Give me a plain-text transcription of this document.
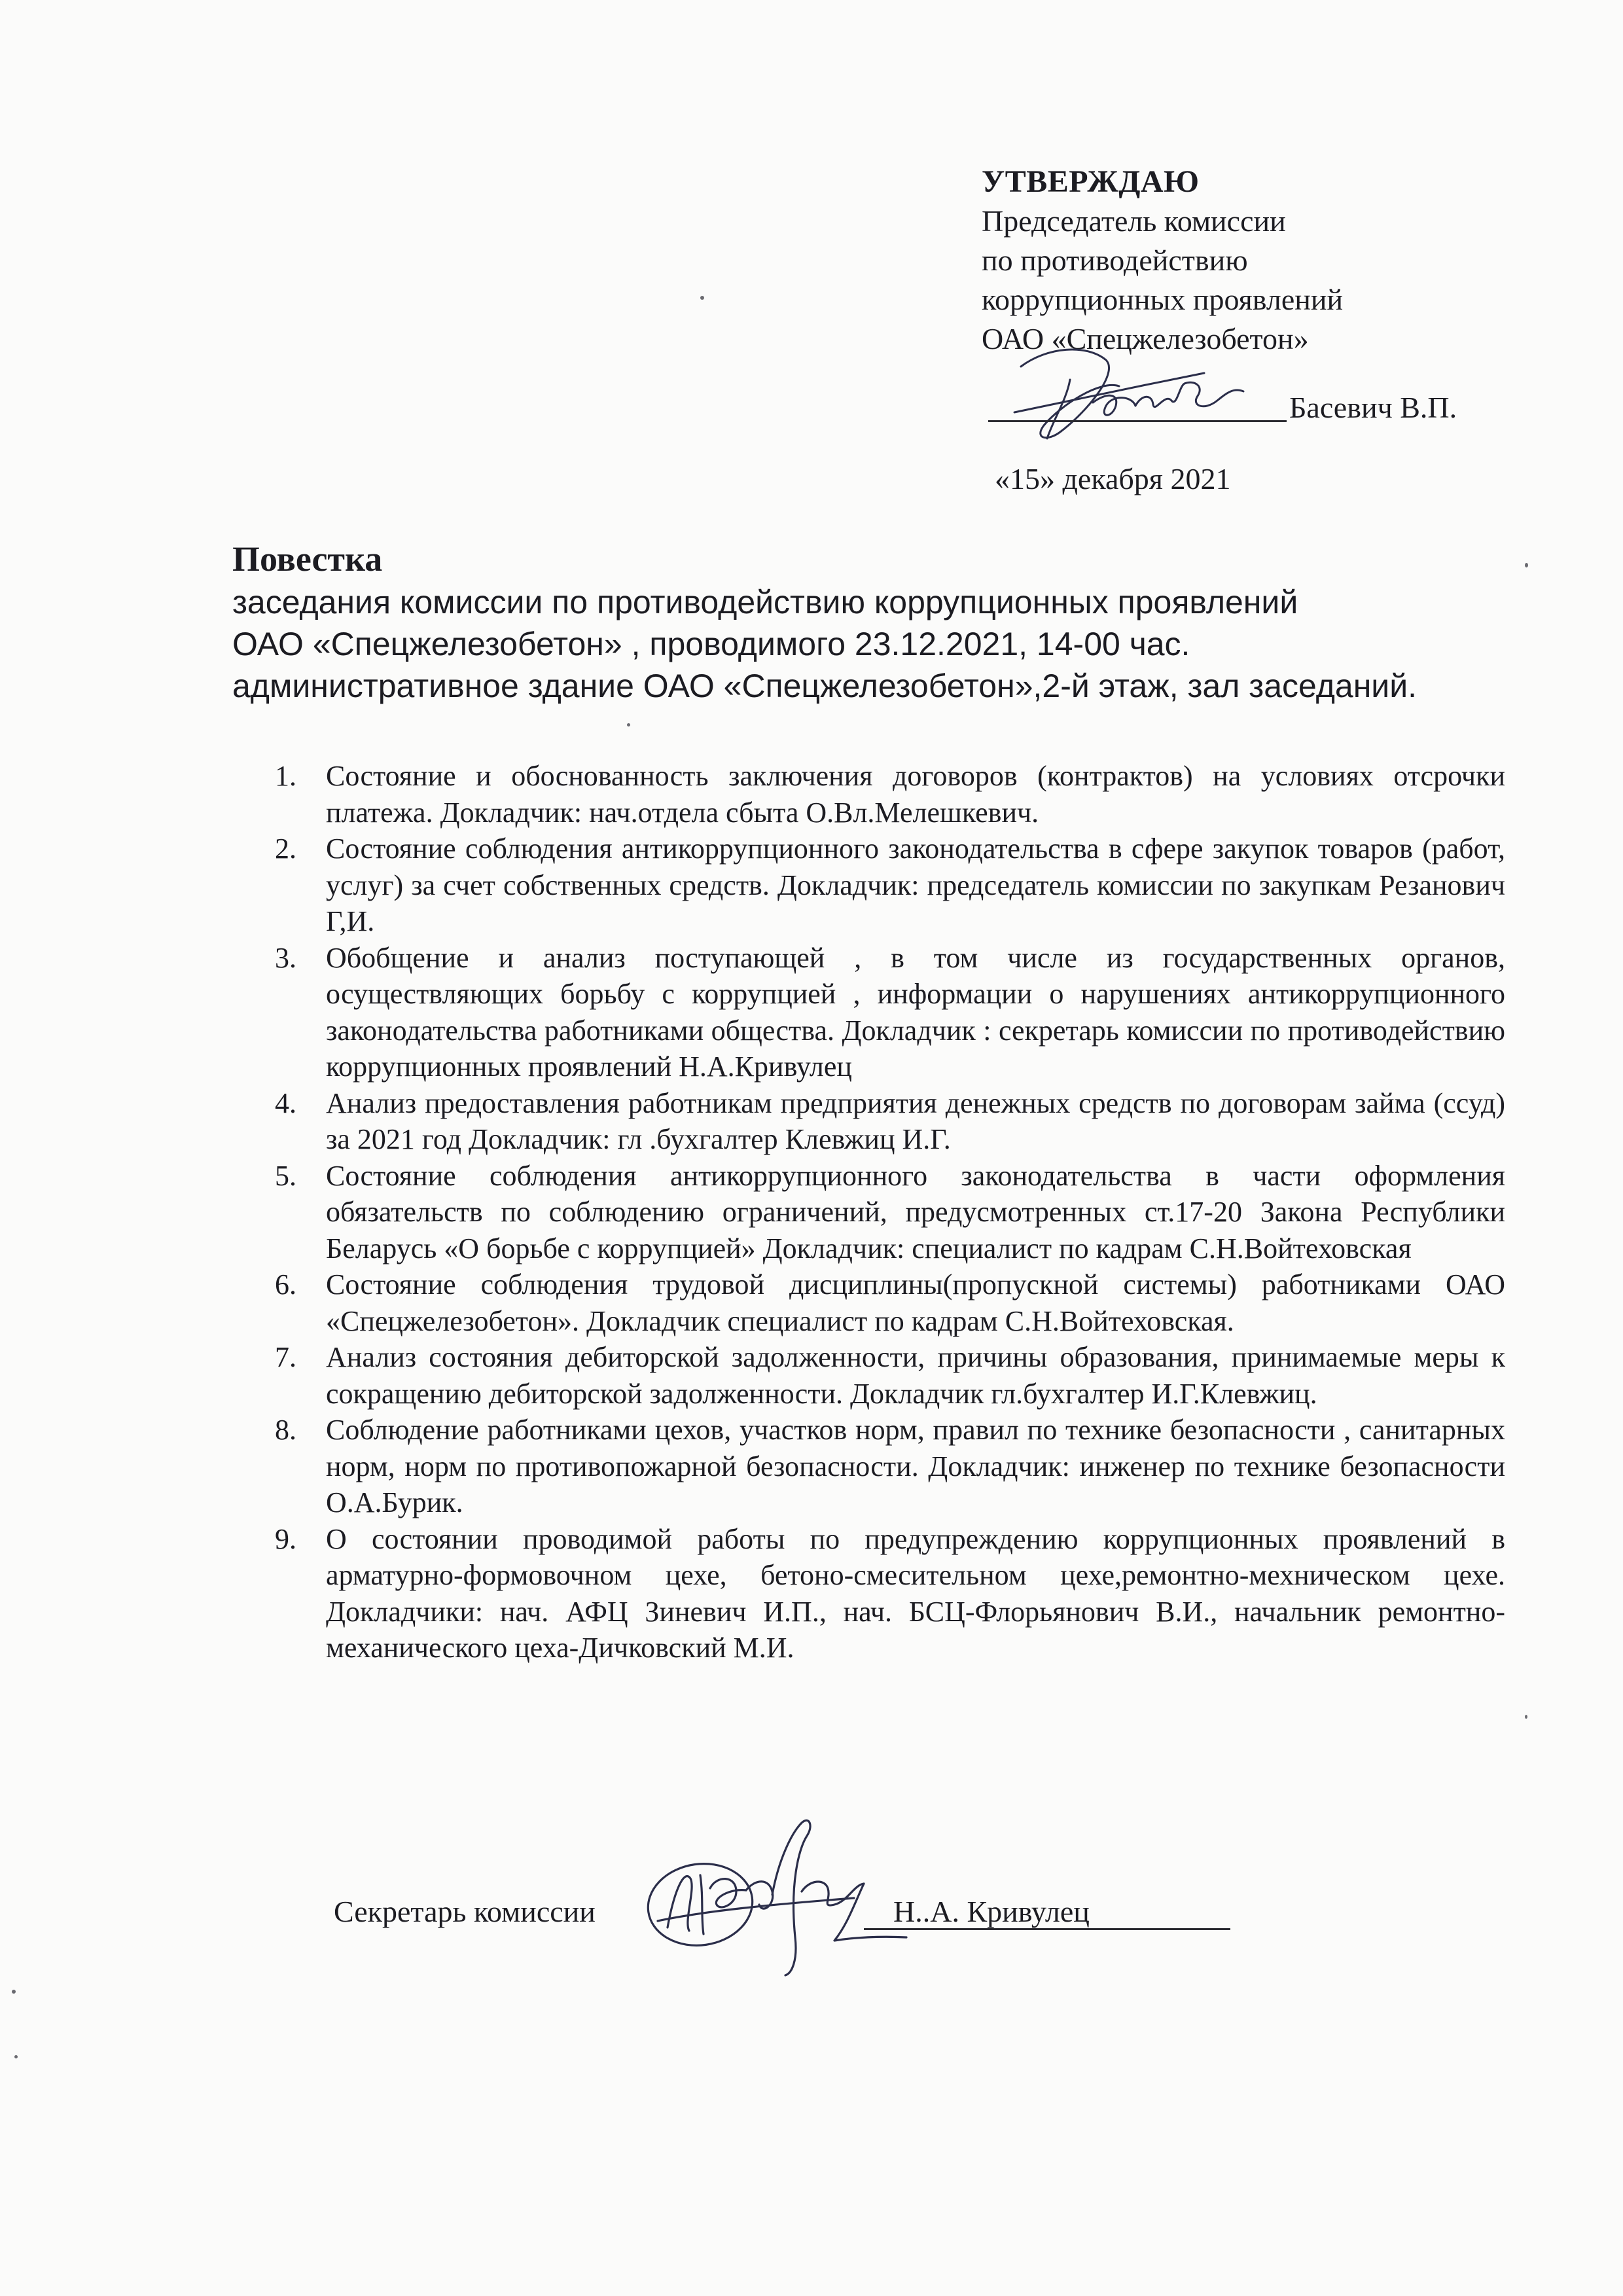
УТВЕРЖДАЮ
Председатель комиссии
по противодействию
коррупционных проявлений
ОАО «Спецжелезобетон»
Басевич В.П.
«15» декабря 2021
Повестка
заседания комиссии по противодействию коррупционных проявлений
ОАО «Спецжелезобетон» , проводимого 23.12.2021, 14-00 час.
административное здание ОАО «Спецжелезобетон»,2-й этаж, зал заседаний.

1.	Состояние и обоснованность заключения договоров (контрактов) на условиях отсрочки платежа. Докладчик: нач.отдела сбыта О.Вл.Мелешкевич.

2.	Состояние соблюдения антикоррупционного законодательства в сфере закупок товаров (работ, услуг) за счет собственных средств. Докладчик: председатель комиссии по закупкам Резанович Г,И.

3.	Обобщение и анализ поступающей , в том числе из государственных органов, осуществляющих борьбу с коррупцией , информации о нарушениях антикоррупционного законодательства работниками общества. Докладчик : секретарь комиссии по противодействию коррупционных проявлений Н.А.Кривулец

4.	Анализ предоставления работникам предприятия денежных средств по договорам займа (ссуд) за 2021 год Докладчик: гл .бухгалтер Клевжиц И.Г.

5.	Состояние соблюдения антикоррупционного законодательства в части оформления обязательств по соблюдению ограничений, предусмотренных ст.17-20 Закона Республики Беларусь «О борьбе с коррупцией» Докладчик: специалист по кадрам С.Н.Войтеховская

6.	Состояние соблюдения трудовой дисциплины(пропускной системы) работниками ОАО «Спецжелезобетон». Докладчик специалист по кадрам С.Н.Войтеховская.

7.	Анализ состояния дебиторской задолженности, причины образования, принимаемые меры к сокращению дебиторской задолженности. Докладчик гл.бухгалтер И.Г.Клевжиц.

8.	Соблюдение работниками цехов, участков норм, правил по технике безопасности , санитарных норм, норм по противопожарной безопасности. Докладчик: инженер по технике безопасности О.А.Бурик.

9.	О состоянии проводимой работы по предупреждению коррупционных проявлений в арматурно-формовочном цехе, бетоно-смесительном цехе,ремонтно-мехническом цехе. Докладчики: нач. АФЦ Зиневич И.П., нач. БСЦ-Флорьянович В.И., начальник ремонтно-механического цеха-Дичковский М.И.

Секретарь комиссии	Н..А. Кривулец
